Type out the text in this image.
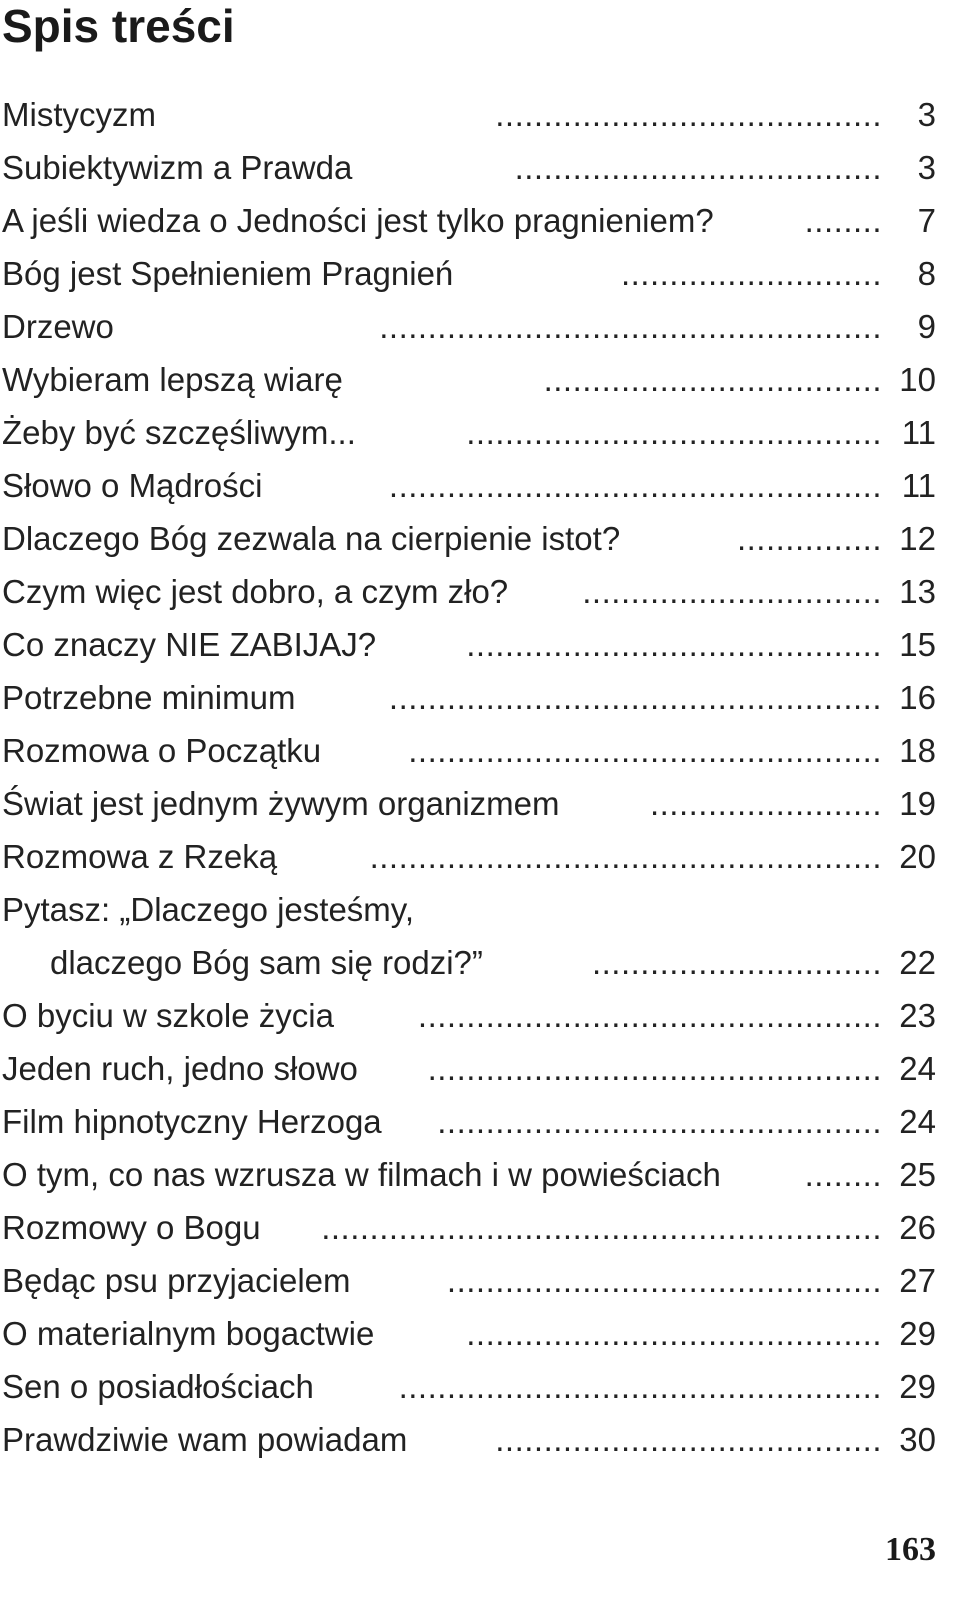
Spis treści
Mistycyzm	........................................ 3
Subiektywizm a Prawda	...................................... 3
A jeśli wiedza o Jedności jest tylko pragnieniem?	........ 7
Bóg jest Spełnieniem Pragnień	........................... 8
Drzewo	.................................................... 9
Wybieram lepszą wiarę	................................... 10
Żeby być szczęśliwym...	........................................... 11
Słowo o Mądrości	................................................... 11
Dlaczego Bóg zezwala na cierpienie istot?	............... 12
Czym więc jest dobro, a czym zło? ............................... 13
Co znaczy NIE ZABIJAJ?	........................................... 15
Potrzebne minimum	................................................... 16
Rozmowa o Początku	................................................. 18
Świat jest jednym żywym organizmem	........................ 19
Rozmowa z Rzeką	..................................................... 20
Pytasz: „Dlaczego jesteśmy,
dlaczego Bóg sam się rodzi?”	.............................. 22
O byciu w szkole życia	................................................ 23
Jeden ruch, jedno słowo ............................................... 24
Film hipnotyczny Herzoga .............................................. 24
O tym, co nas wzrusza w filmach i w powieściach	........ 25
Rozmowy o Bogu .......................................................... 26
Będąc psu przyjacielem	............................................. 27
O materialnym bogactwie	........................................... 29
Sen o posiadłościach	.................................................. 29
Prawdziwie wam powiadam	........................................ 30
163
